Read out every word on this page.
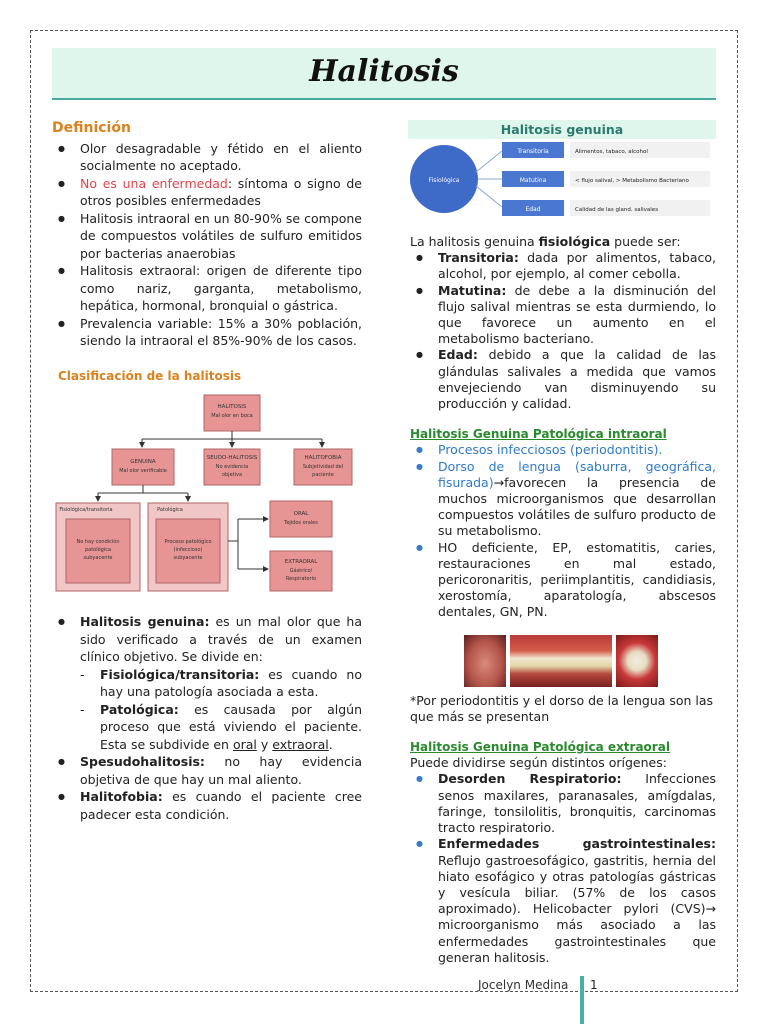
Halitosis
Definición
● Olor desagradable y fétido en el aliento socialmente no aceptado.
● No es una enfermedad: síntoma o signo de otros posibles enfermedades
● Halitosis intraoral en un 80-90% se compone de compuestos volátiles de sulfuro emitidos por bacterias anaerobias
● Halitosis extraoral: origen de diferente tipo como nariz, garganta, metabolismo, hepática, hormonal, bronquial o gástrica.
● Prevalencia variable: 15% a 30% población, siendo la intraoral el 85%-90% de los casos.
Clasificación de la halitosis
HALITOSIS
Mal olor en boca
GENUINA
Mal olor verificable
SEUDO-HALITOSIS
No evidencia
objetiva
HALITOFOBIA
Subjetividad del
paciente
Fisiológica/transitoria
No hay condición
patológica
subyacente
Patológica
Proceso patológico
(infeccioso)
subyacente
ORAL
Tejidos orales
EXTRAORAL
Gástrico/
Respiratorio
● Halitosis genuina: es un mal olor que ha sido verificado a través de un examen clínico objetivo. Se divide en:
- Fisiológica/transitoria: es cuando no hay una patología asociada a esta.
- Patológica: es causada por algún proceso que está viviendo el paciente. Esta se subdivide en oral y extraoral.
● Spesudohalitosis: no hay evidencia objetiva de que hay un mal aliento.
● Halitofobia: es cuando el paciente cree padecer esta condición.
Halitosis genuina
Fisiológica
Transitoria
Matutina
Edad
Alimentos, tabaco, alcohol
< flujo salival, > Metabolismo Bacteriano
Calidad de las gland. salivales
La halitosis genuina fisiológica puede ser:
● Transitoria: dada por alimentos, tabaco, alcohol, por ejemplo, al comer cebolla.
● Matutina: de debe a la disminución del flujo salival mientras se esta durmiendo, lo que favorece un aumento en el metabolismo bacteriano.
● Edad: debido a que la calidad de las glándulas salivales a medida que vamos envejeciendo van disminuyendo su producción y calidad.
Halitosis Genuina Patológica intraoral
● Procesos infecciosos (periodontitis).
● Dorso de lengua (saburra, geográfica, fisurada)→favorecen la presencia de muchos microorganismos que desarrollan compuestos volátiles de sulfuro producto de su metabolismo.
● HO deficiente, EP, estomatitis, caries, restauraciones en mal estado, pericoronaritis, periimplantitis, candidiasis, xerostomía, aparatología, abscesos dentales, GN, PN.
*Por periodontitis y el dorso de la lengua son las que más se presentan
Halitosis Genuina Patológica extraoral
Puede dividirse según distintos orígenes:
● Desorden Respiratorio: Infecciones senos maxilares, paranasales, amígdalas, faringe, tonsilolitis, bronquitis, carcinomas tracto respiratorio.
● Enfermedades gastrointestinales: Reflujo gastroesofágico, gastritis, hernia del hiato esofágico y otras patologías gástricas y vesícula biliar. (57% de los casos aproximado). Helicobacter pylori (CVS)→ microorganismo más asociado a las enfermedades gastrointestinales que generan halitosis.
Jocelyn Medina 1
